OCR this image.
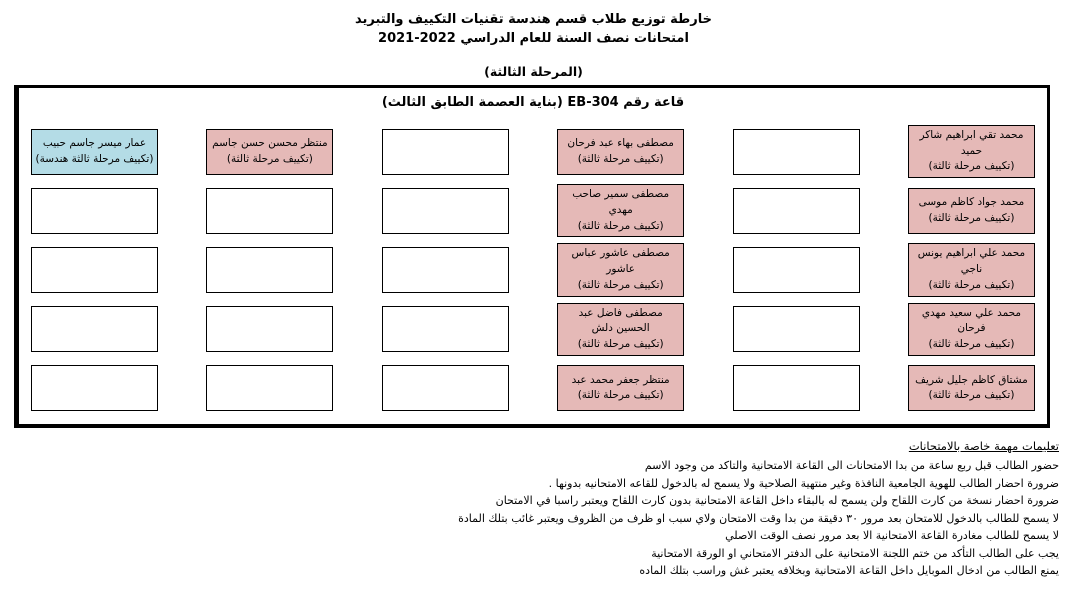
خارطة توزيع طلاب قسم هندسة تقنيات التكييف والتبريد
امتحانات نصف السنة للعام الدراسي 2022-2021
(المرحلة الثالثة)
قاعة رقم EB-304 (بناية العصمة الطابق الثالث)
عمار ميسر جاسم حبيب
(تكييف مرحلة ثالثة هندسة)
منتظر محسن حسن جاسم
(تكييف مرحلة ثالثة)
مصطفى بهاء عبد فرحان
(تكييف مرحلة ثالثة)
محمد تقي ابراهيم شاكر حميد
(تكييف مرحلة ثالثة)
مصطفى سمير صاحب مهدي
(تكييف مرحلة ثالثة)
محمد جواد كاظم موسى
(تكييف مرحلة ثالثة)
مصطفى عاشور عباس عاشور
(تكييف مرحلة ثالثة)
محمد علي ابراهيم يونس ناجي
(تكييف مرحلة ثالثة)
مصطفى فاضل عبد الحسين دلش
(تكييف مرحلة ثالثة)
محمد علي سعيد مهدي فرحان
(تكييف مرحلة ثالثة)
منتظر جعفر محمد عبد
(تكييف مرحلة ثالثة)
مشتاق كاظم جليل شريف
(تكييف مرحلة ثالثة)
تعليمات مهمة خاصة بالامتحانات
حضور الطالب قبل ربع ساعة من بدا الامتحانات الى القاعة الامتحانية والتاكد من وجود الاسم
ضرورة احضار الطالب للهوية الجامعية النافذة وغير منتهية الصلاحية ولا يسمح له بالدخول للقاعه الامتحانيه بدونها .
ضرورة احضار نسخة من كارت اللقاح ولن يسمح له بالبقاء داخل القاعة الامتحانية بدون كارت اللقاح ويعتبر راسبا في الامتحان
لا يسمح للطالب بالدخول للامتحان بعد مرور ٣٠ دقيقة من بدا وقت الامتحان ولاي سبب او ظرف من الظروف ويعتبر غائب بتلك المادة
لا يسمح للطالب مغادرة القاعة الامتحانية الا بعد مرور نصف الوقت الاصلي
يجب على الطالب التأكد من ختم اللجنة الامتحانية على الدفتر الامتحاني او الورقة الامتحانية
يمنع الطالب من ادخال الموبايل داخل القاعة الامتحانية وبخلافه يعتبر غش وراسب بتلك الماده
